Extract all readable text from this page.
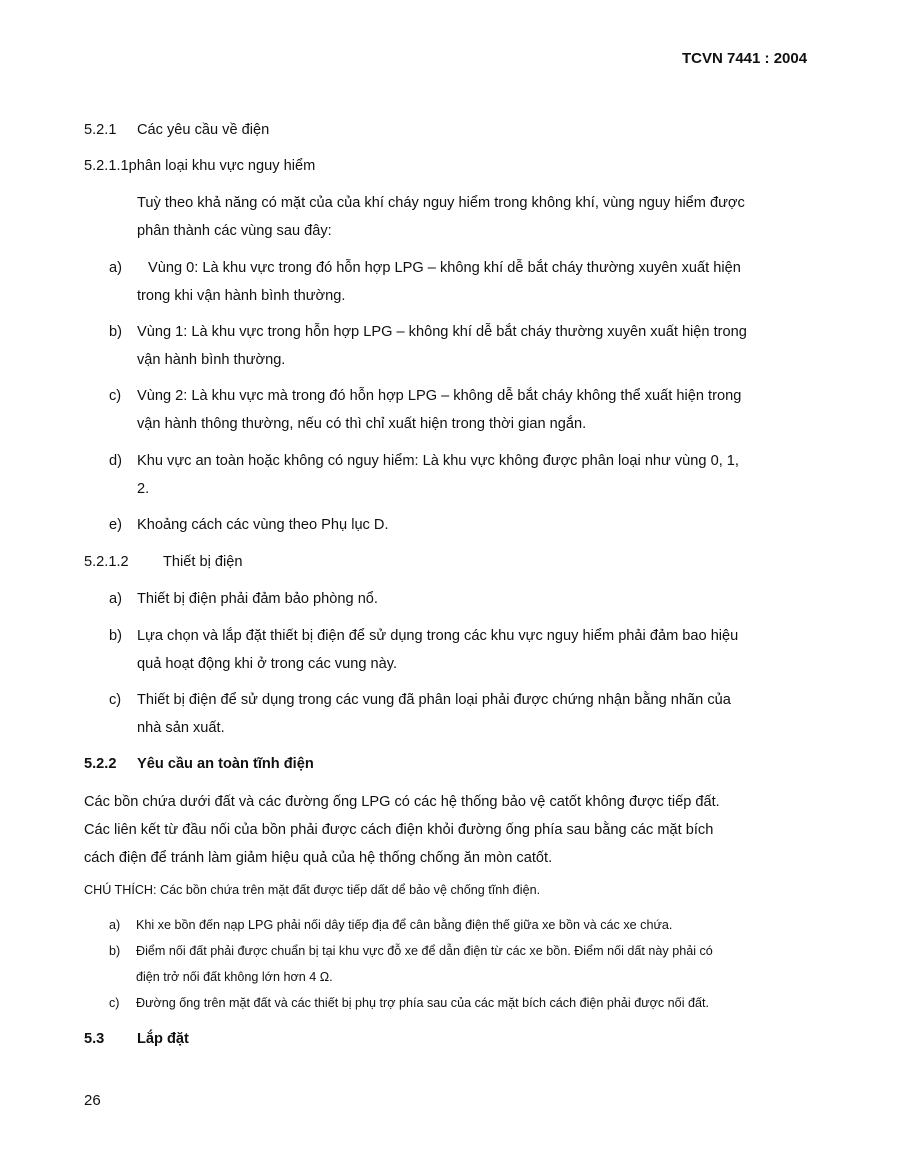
TCVN 7441 : 2004
5.2.1 Các yêu cầu về điện
5.2.1.1phân loại khu vực nguy hiểm
Tuỳ theo khả năng có mặt của của khí cháy nguy hiểm trong không khí, vùng nguy hiểm được
phân thành các vùng sau đây:
a) Vùng 0: Là khu vực trong đó hỗn hợp LPG – không khí dễ bắt cháy thường xuyên xuất hiện
trong khi vận hành bình thường.
b) Vùng 1: Là khu vực trong hỗn hợp LPG – không khí dễ bắt cháy thường xuyên xuất hiện trong
vận hành bình thường.
c) Vùng 2: Là khu vực mà trong đó hỗn hợp LPG – không dễ bắt cháy không thể xuất hiện trong
vận hành thông thường, nếu có thì chỉ xuất hiện trong thời gian ngắn.
d) Khu vực an toàn hoặc không có nguy hiểm: Là khu vực không được phân loại như vùng 0, 1,
2.
e) Khoảng cách các vùng theo Phụ lục D.
5.2.1.2 Thiết bị điện
a) Thiết bị điện phải đảm bảo phòng nổ.
b) Lựa chọn và lắp đặt thiết bị điện để sử dụng trong các khu vực nguy hiểm phải đảm bao hiệu
quả hoạt động khi ở trong các vung này.
c) Thiết bị điện để sử dụng trong các vung đã phân loại phải được chứng nhận bằng nhãn của
nhà sản xuất.
5.2.2 Yêu cầu an toàn tĩnh điện
Các bồn chứa dưới đất và các đường ống LPG có các hệ thống bảo vệ catốt không được tiếp đất.
Các liên kết từ đầu nối của bồn phải được cách điện khỏi đường ống phía sau bằng các mặt bích
cách điện để tránh làm giảm hiệu quả của hệ thống chống ăn mòn catốt.
CHÚ THÍCH: Các bồn chứa trên mặt đất được tiếp dất dể bảo vệ chống tĩnh điện.
a) Khi xe bồn đến nạp LPG phải nối dây tiếp địa để cân bằng điện thế giữa xe bồn và các xe chứa.
b) Điểm nối đất phải được chuẩn bị tại khu vực đỗ xe để dẫn điện từ các xe bồn. Điểm nối dất này phải có
điện trở nối đất không lớn hơn 4 Ω.
c) Đường ống trên mặt đất và các thiết bị phụ trợ phía sau của các mặt bích cách điện phải được nối đất.
5.3 Lắp đặt
26
